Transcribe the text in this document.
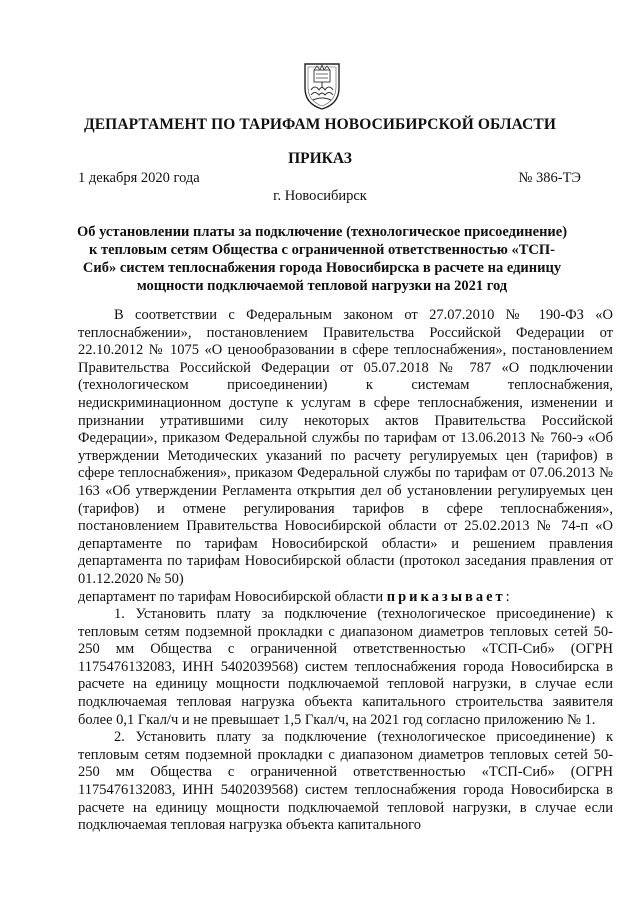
ДЕПАРТАМЕНТ ПО ТАРИФАМ НОВОСИБИРСКОЙ ОБЛАСТИ
ПРИКАЗ
1 декабря 2020 года	№ 386-ТЭ
г. Новосибирск
Об установлении платы за подключение (технологическое присоединение) к тепловым сетям Общества с ограниченной ответственностью «ТСП-Сиб» систем теплоснабжения города Новосибирска в расчете на единицу мощности подключаемой тепловой нагрузки на 2021 год

В соответствии с Федеральным законом от 27.07.2010 № 190-ФЗ «О теплоснабжении», постановлением Правительства Российской Федерации от 22.10.2012 № 1075 «О ценообразовании в сфере теплоснабжения», постановлением Правительства Российской Федерации от 05.07.2018 № 787 «О подключении (технологическом присоединении) к системам теплоснабжения, недискриминационном доступе к услугам в сфере теплоснабжения, изменении и признании утратившими силу некоторых актов Правительства Российской Федерации», приказом Федеральной службы по тарифам от 13.06.2013 № 760-э «Об утверждении Методических указаний по расчету регулируемых цен (тарифов) в сфере теплоснабжения», приказом Федеральной службы по тарифам от 07.06.2013 № 163 «Об утверждении Регламента открытия дел об установлении регулируемых цен (тарифов) и отмене регулирования тарифов в сфере теплоснабжения», постановлением Правительства Новосибирской области от 25.02.2013 № 74-п «О департаменте по тарифам Новосибирской области» и решением правления департамента по тарифам Новосибирской области (протокол заседания правления от 01.12.2020 № 50)

департамент по тарифам Новосибирской области приказывает:

1. Установить плату за подключение (технологическое присоединение) к тепловым сетям подземной прокладки с диапазоном диаметров тепловых сетей 50-250 мм Общества с ограниченной ответственностью «ТСП-Сиб» (ОГРН 1175476132083, ИНН 5402039568) систем теплоснабжения города Новосибирска в расчете на единицу мощности подключаемой тепловой нагрузки, в случае если подключаемая тепловая нагрузка объекта капитального строительства заявителя более 0,1 Гкал/ч и не превышает 1,5 Гкал/ч, на 2021 год согласно приложению № 1.

2. Установить плату за подключение (технологическое присоединение) к тепловым сетям подземной прокладки с диапазоном диаметров тепловых сетей 50-250 мм Общества с ограниченной ответственностью «ТСП-Сиб» (ОГРН 1175476132083, ИНН 5402039568) систем теплоснабжения города Новосибирска в расчете на единицу мощности подключаемой тепловой нагрузки, в случае если подключаемая тепловая нагрузка объекта капитального
